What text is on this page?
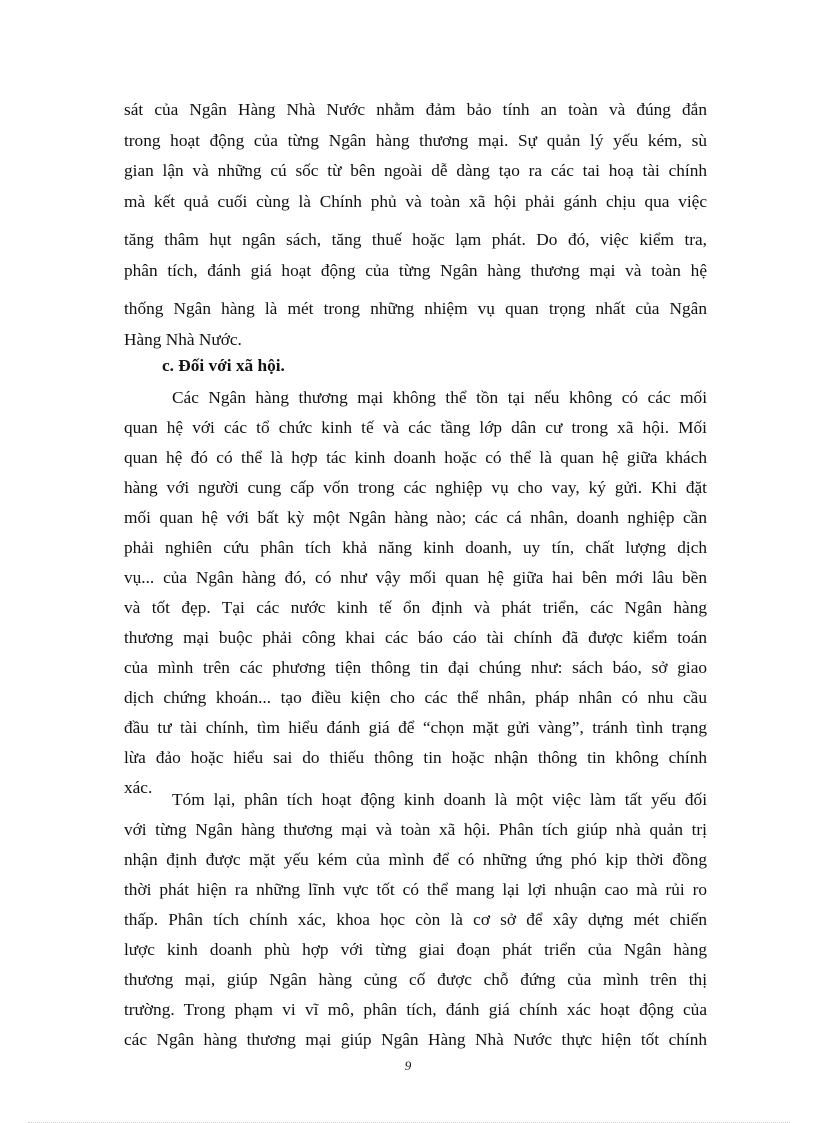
sát của Ngân Hàng Nhà Nước nhằm đảm bảo tính an toàn và đúng đắn
trong hoạt động của từng Ngân hàng thương mại. Sự quản lý yếu kém, sù
gian lận và những cú sốc từ bên ngoài dễ dàng tạo ra các tai hoạ tài chính
mà kết quả cuối cùng là Chính phủ và toàn xã hội phải gánh chịu qua việc
tăng thâm hụt ngân sách, tăng thuế hoặc lạm phát. Do đó, việc kiểm tra,
phân tích, đánh giá hoạt động của từng Ngân hàng thương mại và toàn hệ
thống Ngân hàng là mét trong những nhiệm vụ quan trọng nhất của Ngân
Hàng Nhà Nước.
c. Đối với xã hội.
Các Ngân hàng thương mại không thể tồn tại nếu không có các mối
quan hệ với các tổ chức kinh tế và các tầng lớp dân cư trong xã hội. Mối
quan hệ đó có thể là hợp tác kinh doanh hoặc có thể là quan hệ giữa khách
hàng với người cung cấp vốn trong các nghiệp vụ cho vay, ký gửi. Khi đặt
mối quan hệ với bất kỳ một Ngân hàng nào; các cá nhân, doanh nghiệp cần
phải nghiên cứu phân tích khả năng kinh doanh, uy tín, chất lượng dịch
vụ... của Ngân hàng đó, có như vậy mối quan hệ giữa hai bên mới lâu bền
và tốt đẹp. Tại các nước kinh tế ổn định và phát triển, các Ngân hàng
thương mại buộc phải công khai các báo cáo tài chính đã được kiểm toán
của mình trên các phương tiện thông tin đại chúng như: sách báo, sở giao
dịch chứng khoán... tạo điều kiện cho các thể nhân, pháp nhân có nhu cầu
đầu tư tài chính, tìm hiểu đánh giá để “chọn mặt gửi vàng”, tránh tình trạng
lừa đảo hoặc hiểu sai do thiếu thông tin hoặc nhận thông tin không chính
xác.
Tóm lại, phân tích hoạt động kinh doanh là một việc làm tất yếu đối
với từng Ngân hàng thương mại và toàn xã hội. Phân tích giúp nhà quản trị
nhận định được mặt yếu kém của mình để có những ứng phó kịp thời đồng
thời phát hiện ra những lĩnh vực tốt có thể mang lại lợi nhuận cao mà rủi ro
thấp. Phân tích chính xác, khoa học còn là cơ sở để xây dựng mét chiến
lược kinh doanh phù hợp với từng giai đoạn phát triển của Ngân hàng
thương mại, giúp Ngân hàng củng cố được chỗ đứng của mình trên thị
trường. Trong phạm vi vĩ mô, phân tích, đánh giá chính xác hoạt động của
các Ngân hàng thương mại giúp Ngân Hàng Nhà Nước thực hiện tốt chính
9
